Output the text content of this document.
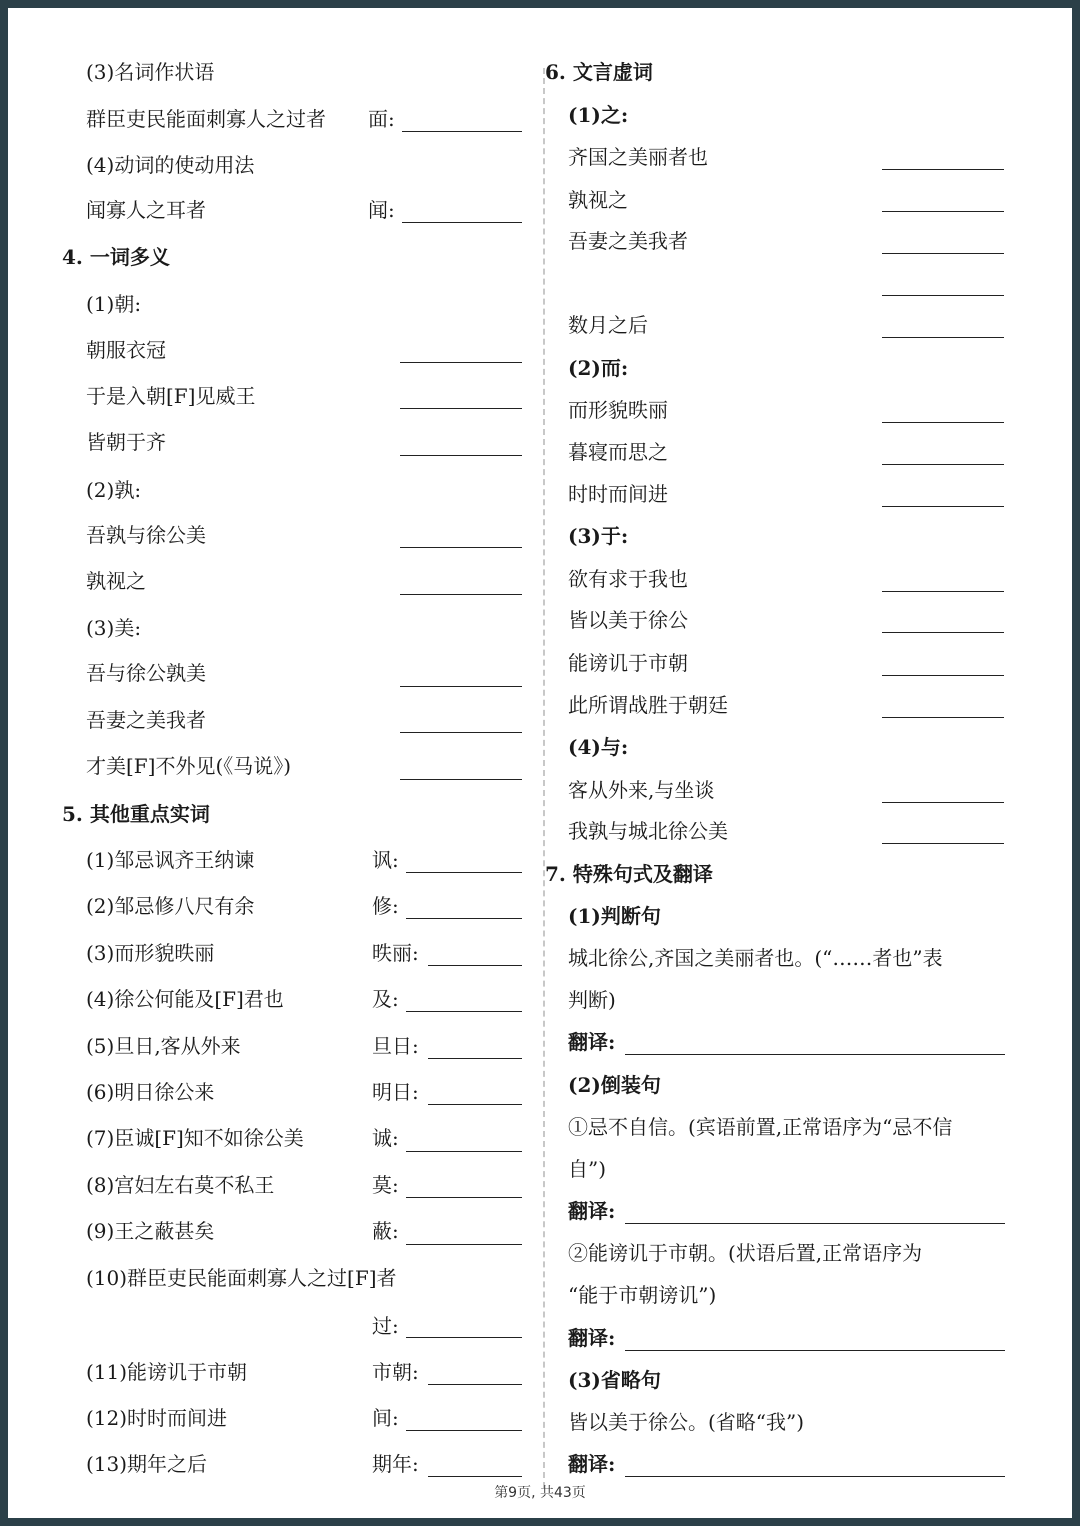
(3)名词作状语
群臣吏民能面刺寡人之过者 面:
(4)动词的使动用法
闻寡人之耳者	闻:
4. 一词多义
(1)朝:
朝服衣冠
于是入朝[F]见威王
皆朝于齐
(2)孰:
吾孰与徐公美
孰视之
(3)美:
吾与徐公孰美
吾妻之美我者
才美[F]不外见(《马说》)
5. 其他重点实词
(1)邹忌讽齐王纳谏	讽:
(2)邹忌修八尺有余	修:
(3)而形貌昳丽	昳丽:
(4)徐公何能及[F]君也	及:
(5)旦日,客从外来	旦日:
(6)明日徐公来	明日:
(7)臣诚[F]知不如徐公美	诚:
(8)宫妇左右莫不私王	莫:
(9)王之蔽甚矣	蔽:
(10)群臣吏民能面刺寡人之过[F]者
过:
(11)能谤讥于市朝	市朝:
(12)时时而间进	间:
(13)期年之后	期年:
6. 文言虚词
(1)之:
齐国之美丽者也
孰视之
吾妻之美我者
数月之后
(2)而:
而形貌昳丽
暮寝而思之
时时而间进
(3)于:
欲有求于我也
皆以美于徐公
能谤讥于市朝
此所谓战胜于朝廷
(4)与:
客从外来,与坐谈
我孰与城北徐公美
7. 特殊句式及翻译
(1)判断句
城北徐公,齐国之美丽者也。(“……者也”表
判断)
翻译:
(2)倒装句
①忌不自信。(宾语前置,正常语序为“忌不信
自”)
翻译:
②能谤讥于市朝。(状语后置,正常语序为
“能于市朝谤讥”)
翻译:
(3)省略句
皆以美于徐公。(省略“我”)
翻译:
第9页, 共43页
